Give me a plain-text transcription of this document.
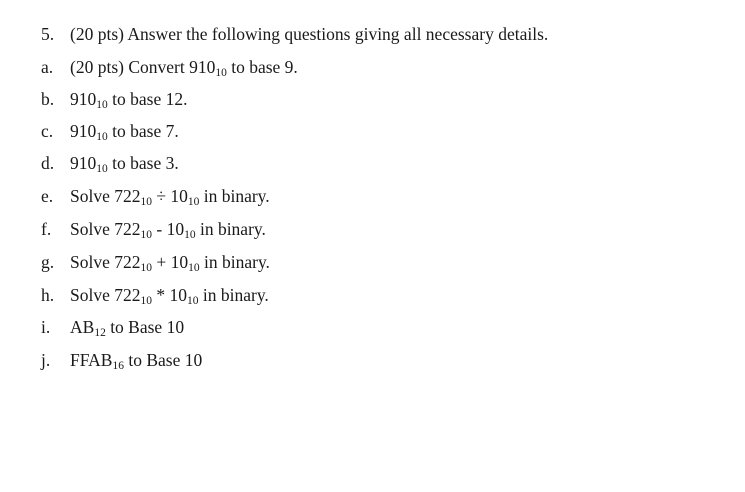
5. (20 pts) Answer the following questions giving all necessary details.
a. (20 pts) Convert 91010 to base 9.
b. 91010 to base 12.
c. 91010 to base 7.
d. 91010 to base 3.
e. Solve 72210 ÷ 1010 in binary.
f. Solve 72210 - 1010 in binary.
g. Solve 72210 + 1010 in binary.
h. Solve 72210 * 1010 in binary.
i. AB12 to Base 10
j. FFAB16 to Base 10
